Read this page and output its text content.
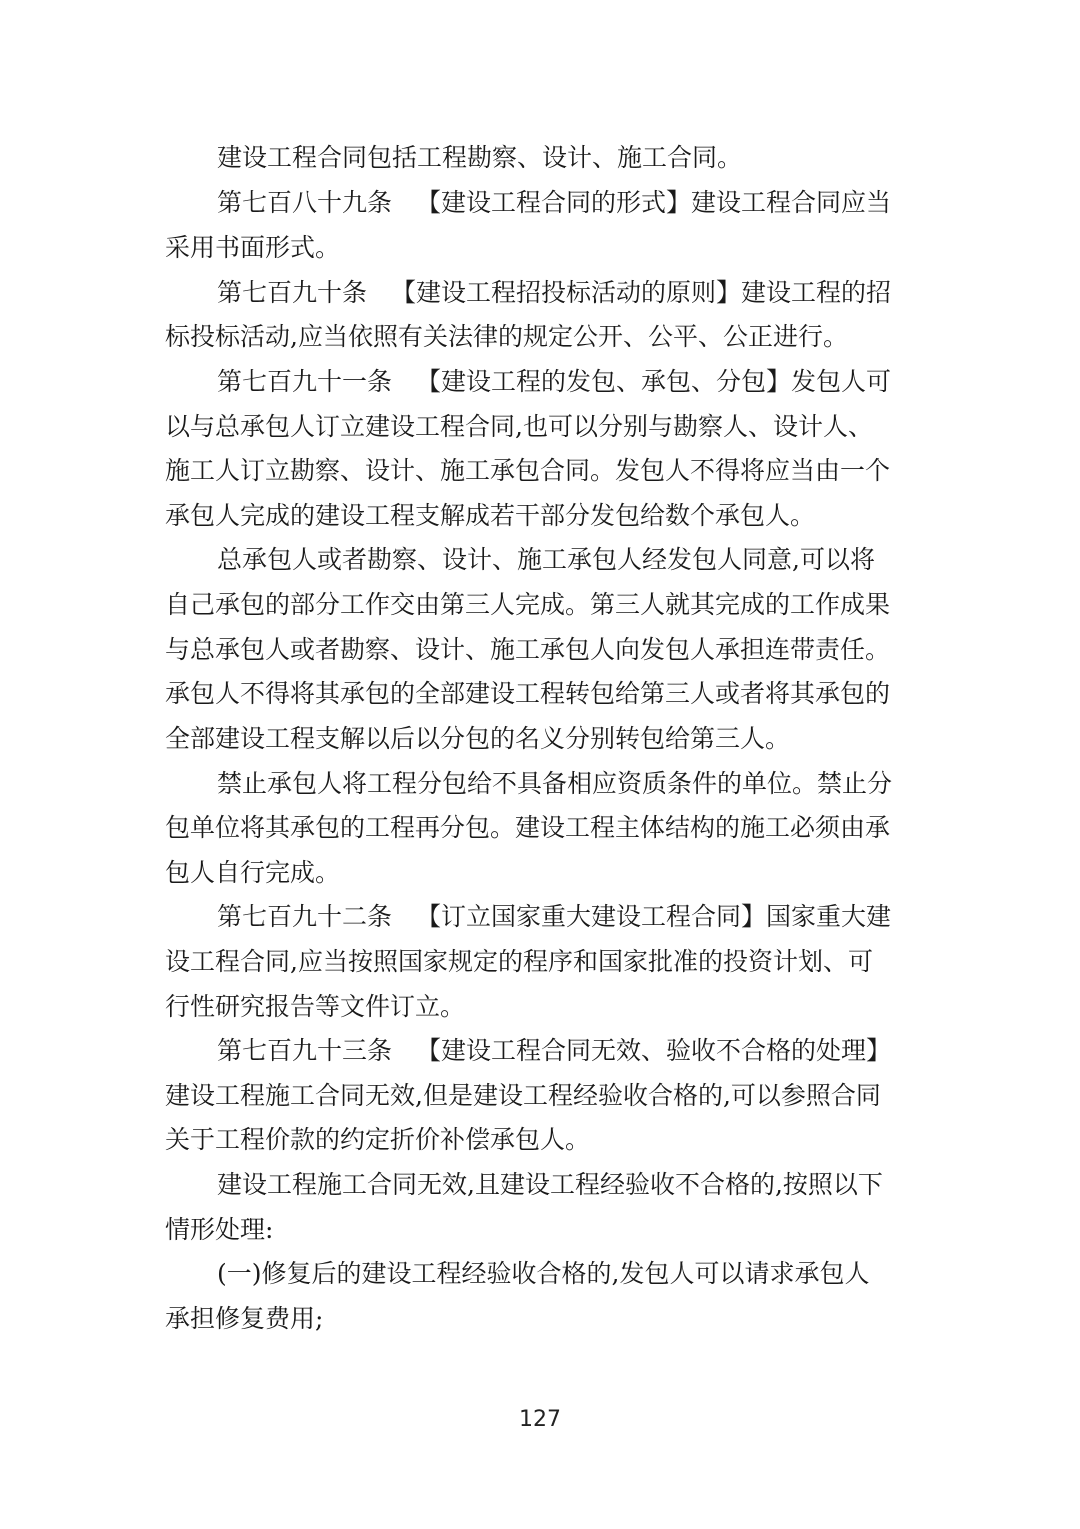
建设工程合同包括工程勘察、设计、施工合同。

第七百八十九条 【建设工程合同的形式】建设工程合同应当

采用书面形式。

第七百九十条 【建设工程招投标活动的原则】建设工程的招

标投标活动,应当依照有关法律的规定公开、公平、公正进行。

第七百九十一条 【建设工程的发包、承包、分包】发包人可

以与总承包人订立建设工程合同,也可以分别与勘察人、设计人、

施工人订立勘察、设计、施工承包合同。发包人不得将应当由一个

承包人完成的建设工程支解成若干部分发包给数个承包人。

总承包人或者勘察、设计、施工承包人经发包人同意,可以将

自己承包的部分工作交由第三人完成。第三人就其完成的工作成果

与总承包人或者勘察、设计、施工承包人向发包人承担连带责任。

承包人不得将其承包的全部建设工程转包给第三人或者将其承包的

全部建设工程支解以后以分包的名义分别转包给第三人。

禁止承包人将工程分包给不具备相应资质条件的单位。禁止分

包单位将其承包的工程再分包。建设工程主体结构的施工必须由承

包人自行完成。

第七百九十二条 【订立国家重大建设工程合同】国家重大建

设工程合同,应当按照国家规定的程序和国家批准的投资计划、可

行性研究报告等文件订立。

第七百九十三条 【建设工程合同无效、验收不合格的处理】

建设工程施工合同无效,但是建设工程经验收合格的,可以参照合同

关于工程价款的约定折价补偿承包人。

建设工程施工合同无效,且建设工程经验收不合格的,按照以下

情形处理:

(一)修复后的建设工程经验收合格的,发包人可以请求承包人

承担修复费用;

127
